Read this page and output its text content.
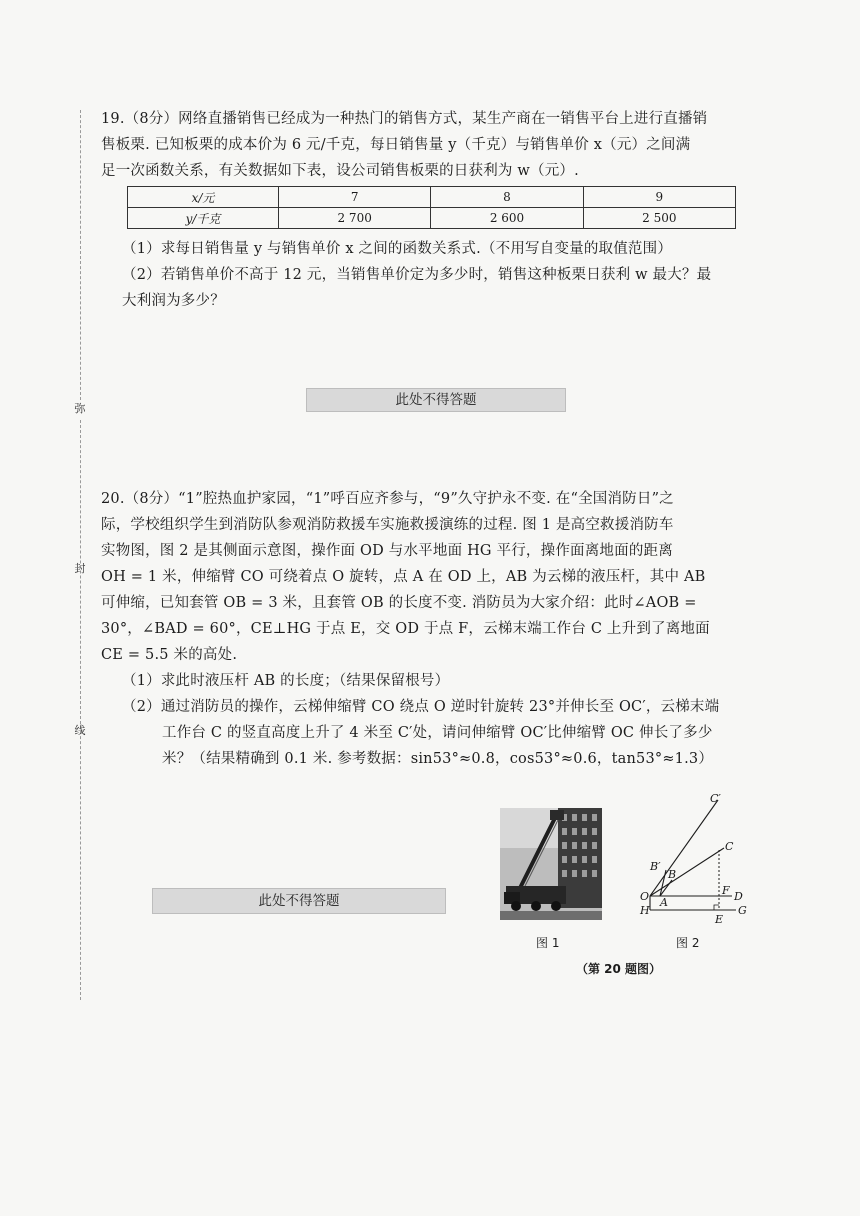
弥
封
线
19.（8分）网络直播销售已经成为一种热门的销售方式，某生产商在一销售平台上进行直播销
售板栗. 已知板栗的成本价为 6 元/千克，每日销售量 y（千克）与销售单价 x（元）之间满
足一次函数关系，有关数据如下表，设公司销售板栗的日获利为 w（元）.
x/元	7	8	9
y/千克	2 700	2 600	2 500
（1）求每日销售量 y 与销售单价 x 之间的函数关系式.（不用写自变量的取值范围）
（2）若销售单价不高于 12 元，当销售单价定为多少时，销售这种板栗日获利 w 最大？最
大利润为多少？
此处不得答题
20.（8分）“1”腔热血护家园，“1”呼百应齐参与，“9”久守护永不变. 在“全国消防日”之
际，学校组织学生到消防队参观消防救援车实施救援演练的过程. 图 1 是高空救援消防车
实物图，图 2 是其侧面示意图，操作面 OD 与水平地面 HG 平行，操作面离地面的距离
OH = 1 米，伸缩臂 CO 可绕着点 O 旋转，点 A 在 OD 上，AB 为云梯的液压杆，其中 AB
可伸缩，已知套管 OB = 3 米，且套管 OB 的长度不变. 消防员为大家介绍：此时∠AOB =
30°，∠BAD = 60°，CE⊥HG 于点 E，交 OD 于点 F，云梯末端工作台 C 上升到了离地面
CE = 5.5 米的高处.
（1）求此时液压杆 AB 的长度；（结果保留根号）
（2）通过消防员的操作，云梯伸缩臂 CO 绕点 O 逆时针旋转 23°并伸长至 OC′，云梯末端
工作台 C 的竖直高度上升了 4 米至 C′处，请问伸缩臂 OC′比伸缩臂 OC 伸长了多少
米？（结果精确到 0.1 米. 参考数据：sin53°≈0.8，cos53°≈0.6，tan53°≈1.3）
此处不得答题
图 1
C′
C
B′
B
O	F D
H
A
E
G
图 2
（第 20 题图）
